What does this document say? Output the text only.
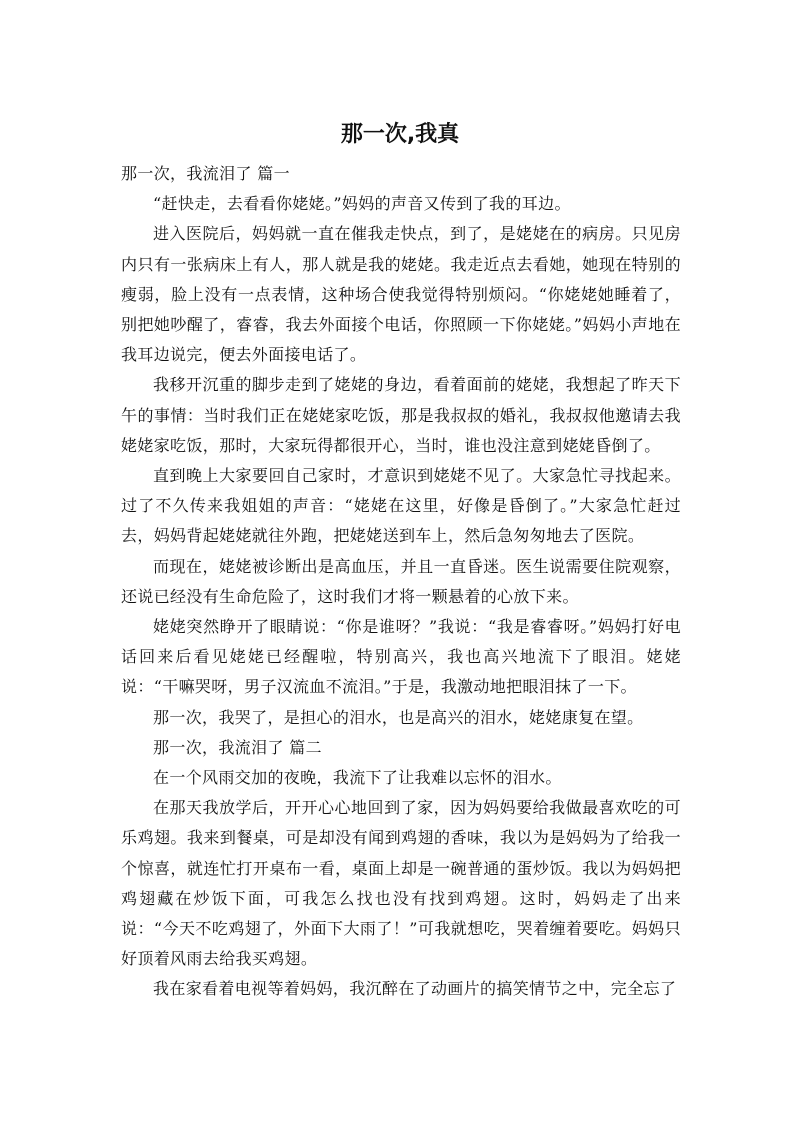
那一次,我真

那一次，我流泪了 篇一

“赶快走，去看看你姥姥。”妈妈的声音又传到了我的耳边。

进入医院后，妈妈就一直在催我走快点，到了，是姥姥在的病房。只见房内只有一张病床上有人，那人就是我的姥姥。我走近点去看她，她现在特别的瘦弱，脸上没有一点表情，这种场合使我觉得特别烦闷。“你姥姥她睡着了，别把她吵醒了，睿睿，我去外面接个电话，你照顾一下你姥姥。”妈妈小声地在我耳边说完，便去外面接电话了。

我移开沉重的脚步走到了姥姥的身边，看着面前的姥姥，我想起了昨天下午的事情：当时我们正在姥姥家吃饭，那是我叔叔的婚礼，我叔叔他邀请去我姥姥家吃饭，那时，大家玩得都很开心，当时，谁也没注意到姥姥昏倒了。

直到晚上大家要回自己家时，才意识到姥姥不见了。大家急忙寻找起来。过了不久传来我姐姐的声音：“姥姥在这里，好像是昏倒了。”大家急忙赶过去，妈妈背起姥姥就往外跑，把姥姥送到车上，然后急匆匆地去了医院。

而现在，姥姥被诊断出是高血压，并且一直昏迷。医生说需要住院观察，还说已经没有生命危险了，这时我们才将一颗悬着的心放下来。

姥姥突然睁开了眼睛说：“你是谁呀？”我说：“我是睿睿呀。”妈妈打好电话回来后看见姥姥已经醒啦，特别高兴，我也高兴地流下了眼泪。姥姥说：“干嘛哭呀，男子汉流血不流泪。”于是，我激动地把眼泪抹了一下。

那一次，我哭了，是担心的泪水，也是高兴的泪水，姥姥康复在望。

那一次，我流泪了 篇二

在一个风雨交加的夜晚，我流下了让我难以忘怀的泪水。

在那天我放学后，开开心心地回到了家，因为妈妈要给我做最喜欢吃的可乐鸡翅。我来到餐桌，可是却没有闻到鸡翅的香味，我以为是妈妈为了给我一个惊喜，就连忙打开桌布一看，桌面上却是一碗普通的蛋炒饭。我以为妈妈把鸡翅藏在炒饭下面，可我怎么找也没有找到鸡翅。这时，妈妈走了出来说：“今天不吃鸡翅了，外面下大雨了！”可我就想吃，哭着缠着要吃。妈妈只好顶着风雨去给我买鸡翅。

我在家看着电视等着妈妈，我沉醉在了动画片的搞笑情节之中，完全忘了
